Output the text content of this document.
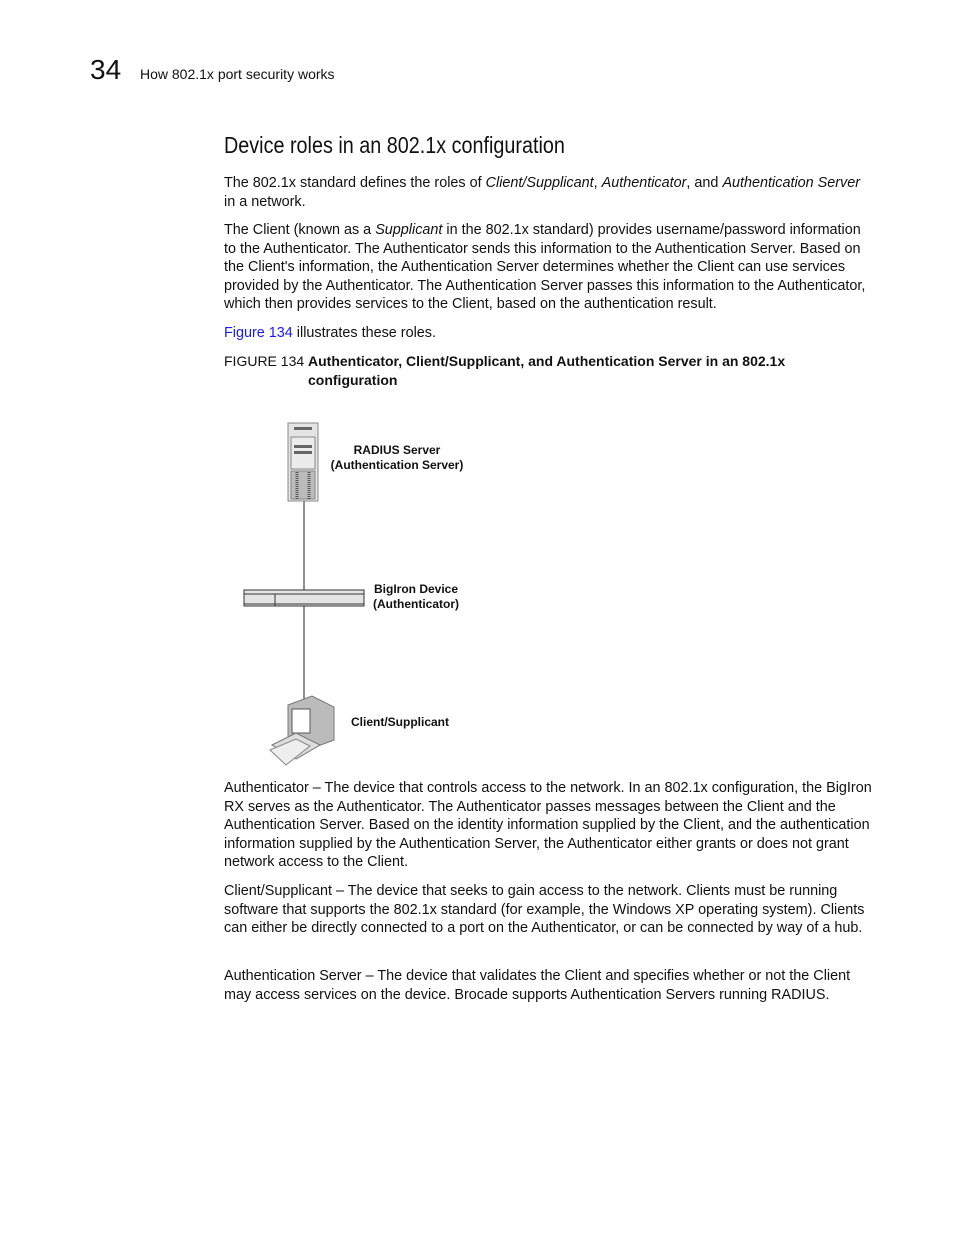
34 How 802.1x port security works
Device roles in an 802.1x configuration

The 802.1x standard defines the roles of Client/Supplicant, Authenticator, and Authentication Server in a network.

The Client (known as a Supplicant in the 802.1x standard) provides username/password information to the Authenticator. The Authenticator sends this information to the Authentication Server. Based on the Client's information, the Authentication Server determines whether the Client can use services provided by the Authenticator. The Authentication Server passes this information to the Authenticator, which then provides services to the Client, based on the authentication result.

Figure 134 illustrates these roles.

FIGURE 134 Authenticator, Client/Supplicant, and Authentication Server in an 802.1x configuration
RADIUS Server
(Authentication Server)
BigIron Device
(Authenticator)
Client/Supplicant

Authenticator – The device that controls access to the network. In an 802.1x configuration, the BigIron RX serves as the Authenticator. The Authenticator passes messages between the Client and the Authentication Server. Based on the identity information supplied by the Client, and the authentication information supplied by the Authentication Server, the Authenticator either grants or does not grant network access to the Client.

Client/Supplicant – The device that seeks to gain access to the network. Clients must be running software that supports the 802.1x standard (for example, the Windows XP operating system). Clients can either be directly connected to a port on the Authenticator, or can be connected by way of a hub.

Authentication Server – The device that validates the Client and specifies whether or not the Client may access services on the device. Brocade supports Authentication Servers running RADIUS.
